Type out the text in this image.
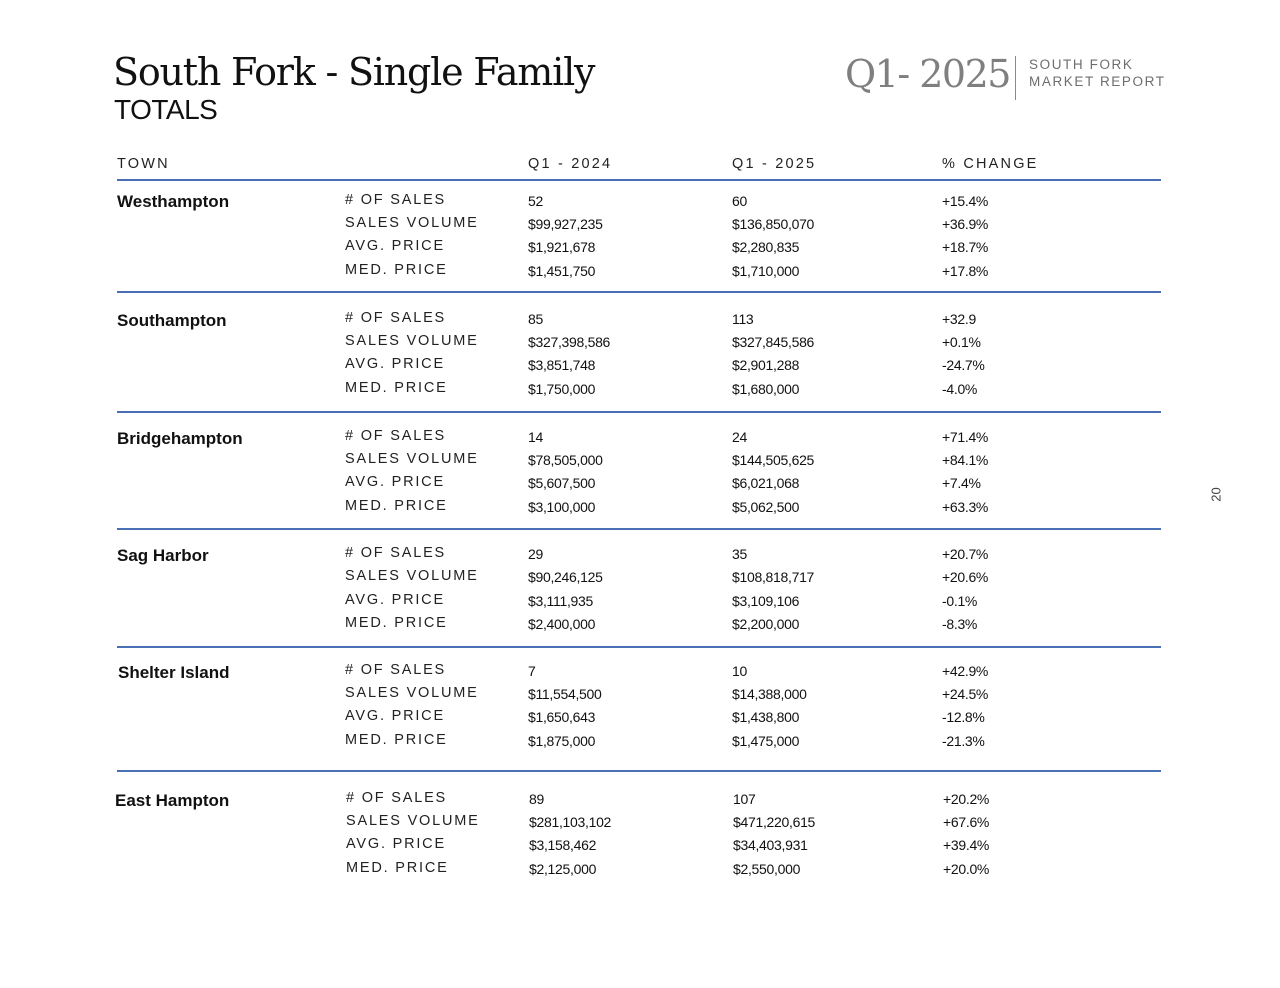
South Fork - Single Family
TOTALS
Q1- 2025 SOUTH FORK
MARKET REPORT
20
TOWN	Q1 - 2024	Q1 - 2025	% CHANGE
Westhampton	# OF SALES	52	60	+15.4%
SALES VOLUME	$99,927,235	$136,850,070	+36.9%
AVG. PRICE	$1,921,678	$2,280,835	+18.7%
MED. PRICE	$1,451,750	$1,710,000	+17.8%
Southampton	# OF SALES	85	113	+32.9
SALES VOLUME	$327,398,586	$327,845,586	+0.1%
AVG. PRICE	$3,851,748	$2,901,288	-24.7%
MED. PRICE	$1,750,000	$1,680,000	-4.0%
Bridgehampton	# OF SALES	14	24	+71.4%
SALES VOLUME	$78,505,000	$144,505,625	+84.1%
AVG. PRICE	$5,607,500	$6,021,068	+7.4%
MED. PRICE	$3,100,000	$5,062,500	+63.3%
Sag Harbor	# OF SALES	29	35	+20.7%
SALES VOLUME	$90,246,125	$108,818,717	+20.6%
AVG. PRICE	$3,111,935	$3,109,106	-0.1%
MED. PRICE	$2,400,000	$2,200,000	-8.3%
Shelter Island	# OF SALES	7	10	+42.9%
SALES VOLUME	$11,554,500	$14,388,000	+24.5%
AVG. PRICE	$1,650,643	$1,438,800	-12.8%
MED. PRICE	$1,875,000	$1,475,000	-21.3%
East Hampton	# OF SALES	89	107	+20.2%
SALES VOLUME	$281,103,102	$471,220,615	+67.6%
AVG. PRICE	$3,158,462	$34,403,931	+39.4%
MED. PRICE	$2,125,000	$2,550,000	+20.0%
